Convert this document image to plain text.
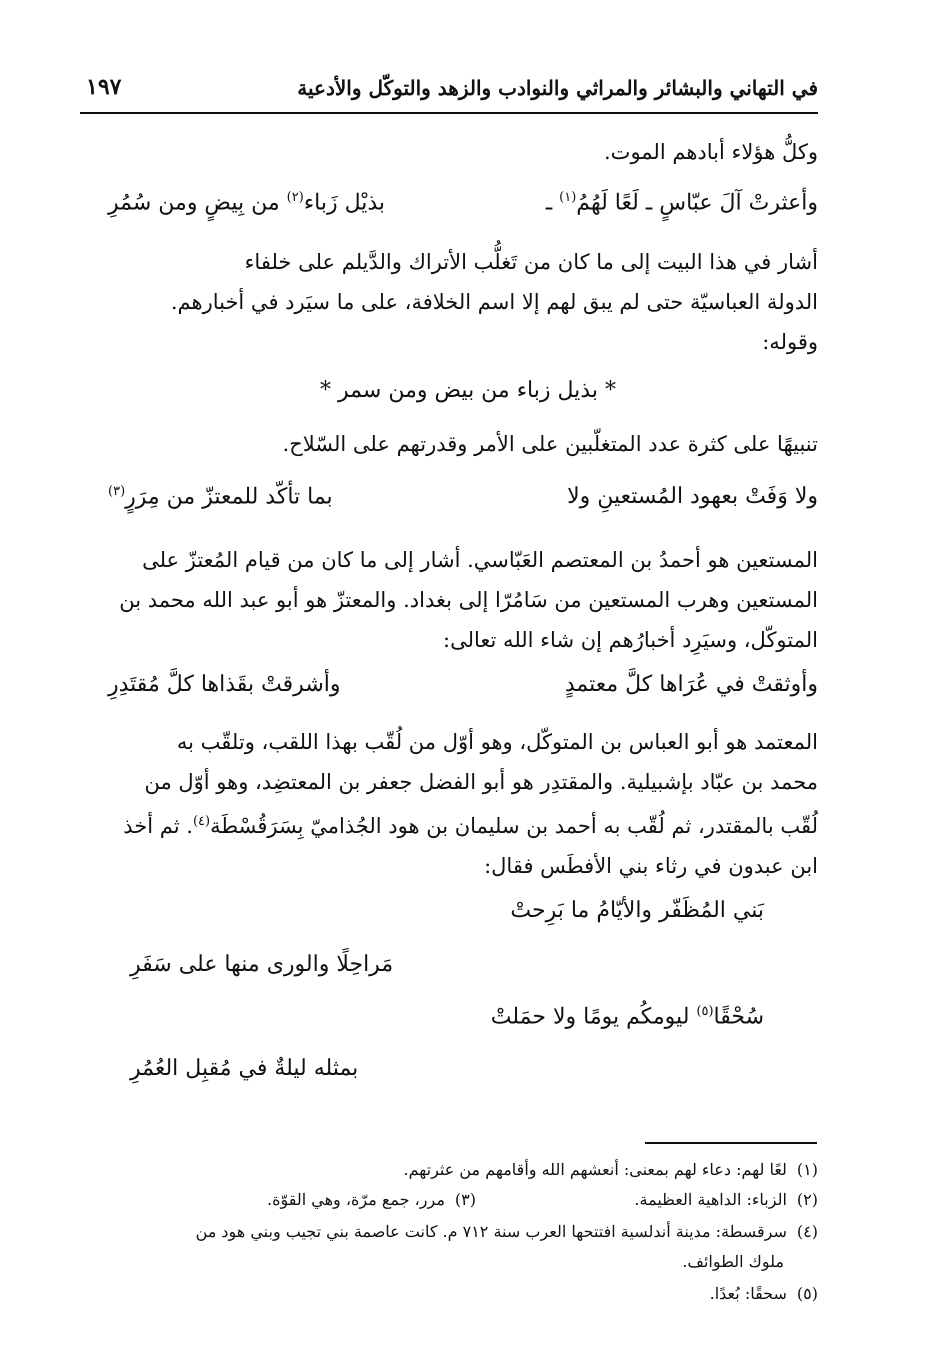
في التهاني والبشائر والمراثي والنوادب والزهد والتوكّل والأدعية
١٩٧
وكلُّ هؤلاء أبادهم الموت.
وأعثرتْ آلَ عبّاسٍ ـ لَعًا لَهُمُ$^{(١)}$ ـ
بذيْل زَباء$^{(٢)}$ من بِيضٍ ومن سُمُرِ
أشار في هذا البيت إلى ما كان من تَغلُّب الأتراك والدَّيلم على خلفاء
الدولة العباسيّة حتى لم يبق لهم إلا اسم الخلافة، على ما سيَرد في أخبارهم.
وقوله:
* بذيل زباء من بيض ومن سمر *
تنبيهًا على كثرة عدد المتغلّبين على الأمر وقدرتهم على السّلاح.
ولا وَفَتْ بعهود المُستعينِ ولا
بما تأكّد للمعتزّ من مِرَرٍ$^{(٣)}$
المستعين هو أحمدُ بن المعتصم العَبّاسي. أشار إلى ما كان من قيام المُعتزّ على
المستعين وهرب المستعين من سَامُرّا إلى بغداد. والمعتزّ هو أبو عبد الله محمد بن
المتوكّل، وسيَرِد أخبارُهم إن شاء الله تعالى:
وأوثقتْ في عُرَاها كلَّ معتمدٍ
وأشرقتْ بقَذاها كلَّ مُقتَدِرِ
المعتمد هو أبو العباس بن المتوكّل، وهو أوّل من لُقّب بهذا اللقب، وتلقّب به
محمد بن عبّاد بإشبيلية. والمقتدِر هو أبو الفضل جعفر بن المعتضِد، وهو أوّل من
لُقّب بالمقتدر، ثم لُقّب به أحمد بن سليمان بن هود الجُذاميّ بِسَرَقُسْطَة$^{(٤)}$. ثم أخذ
ابن عبدون في رثاء بني الأفطَس فقال:
بَني المُظَفّر والأيّامُ ما بَرِحتْ
مَراحِلًا والورى منها على سَفَرِ
سُحْقًا$^{(٥)}$ ليومكُم يومًا ولا حمَلتْ
بمثله ليلةٌ في مُقبِل العُمُرِ
(١)لعًا لهم: دعاء لهم بمعنى: أنعشهم الله وأقامهم من عثرتهم.
(٢)الزباء: الداهية العظيمة.
(٣)مرر، جمع مرّة، وهي القوّة.
(٤)سرقسطة: مدينة أندلسية افتتحها العرب سنة ٧١٢ م. كانت عاصمة بني تجيب وبني هود من
ملوك الطوائف.
(٥)سحقًا: بُعدًا.
